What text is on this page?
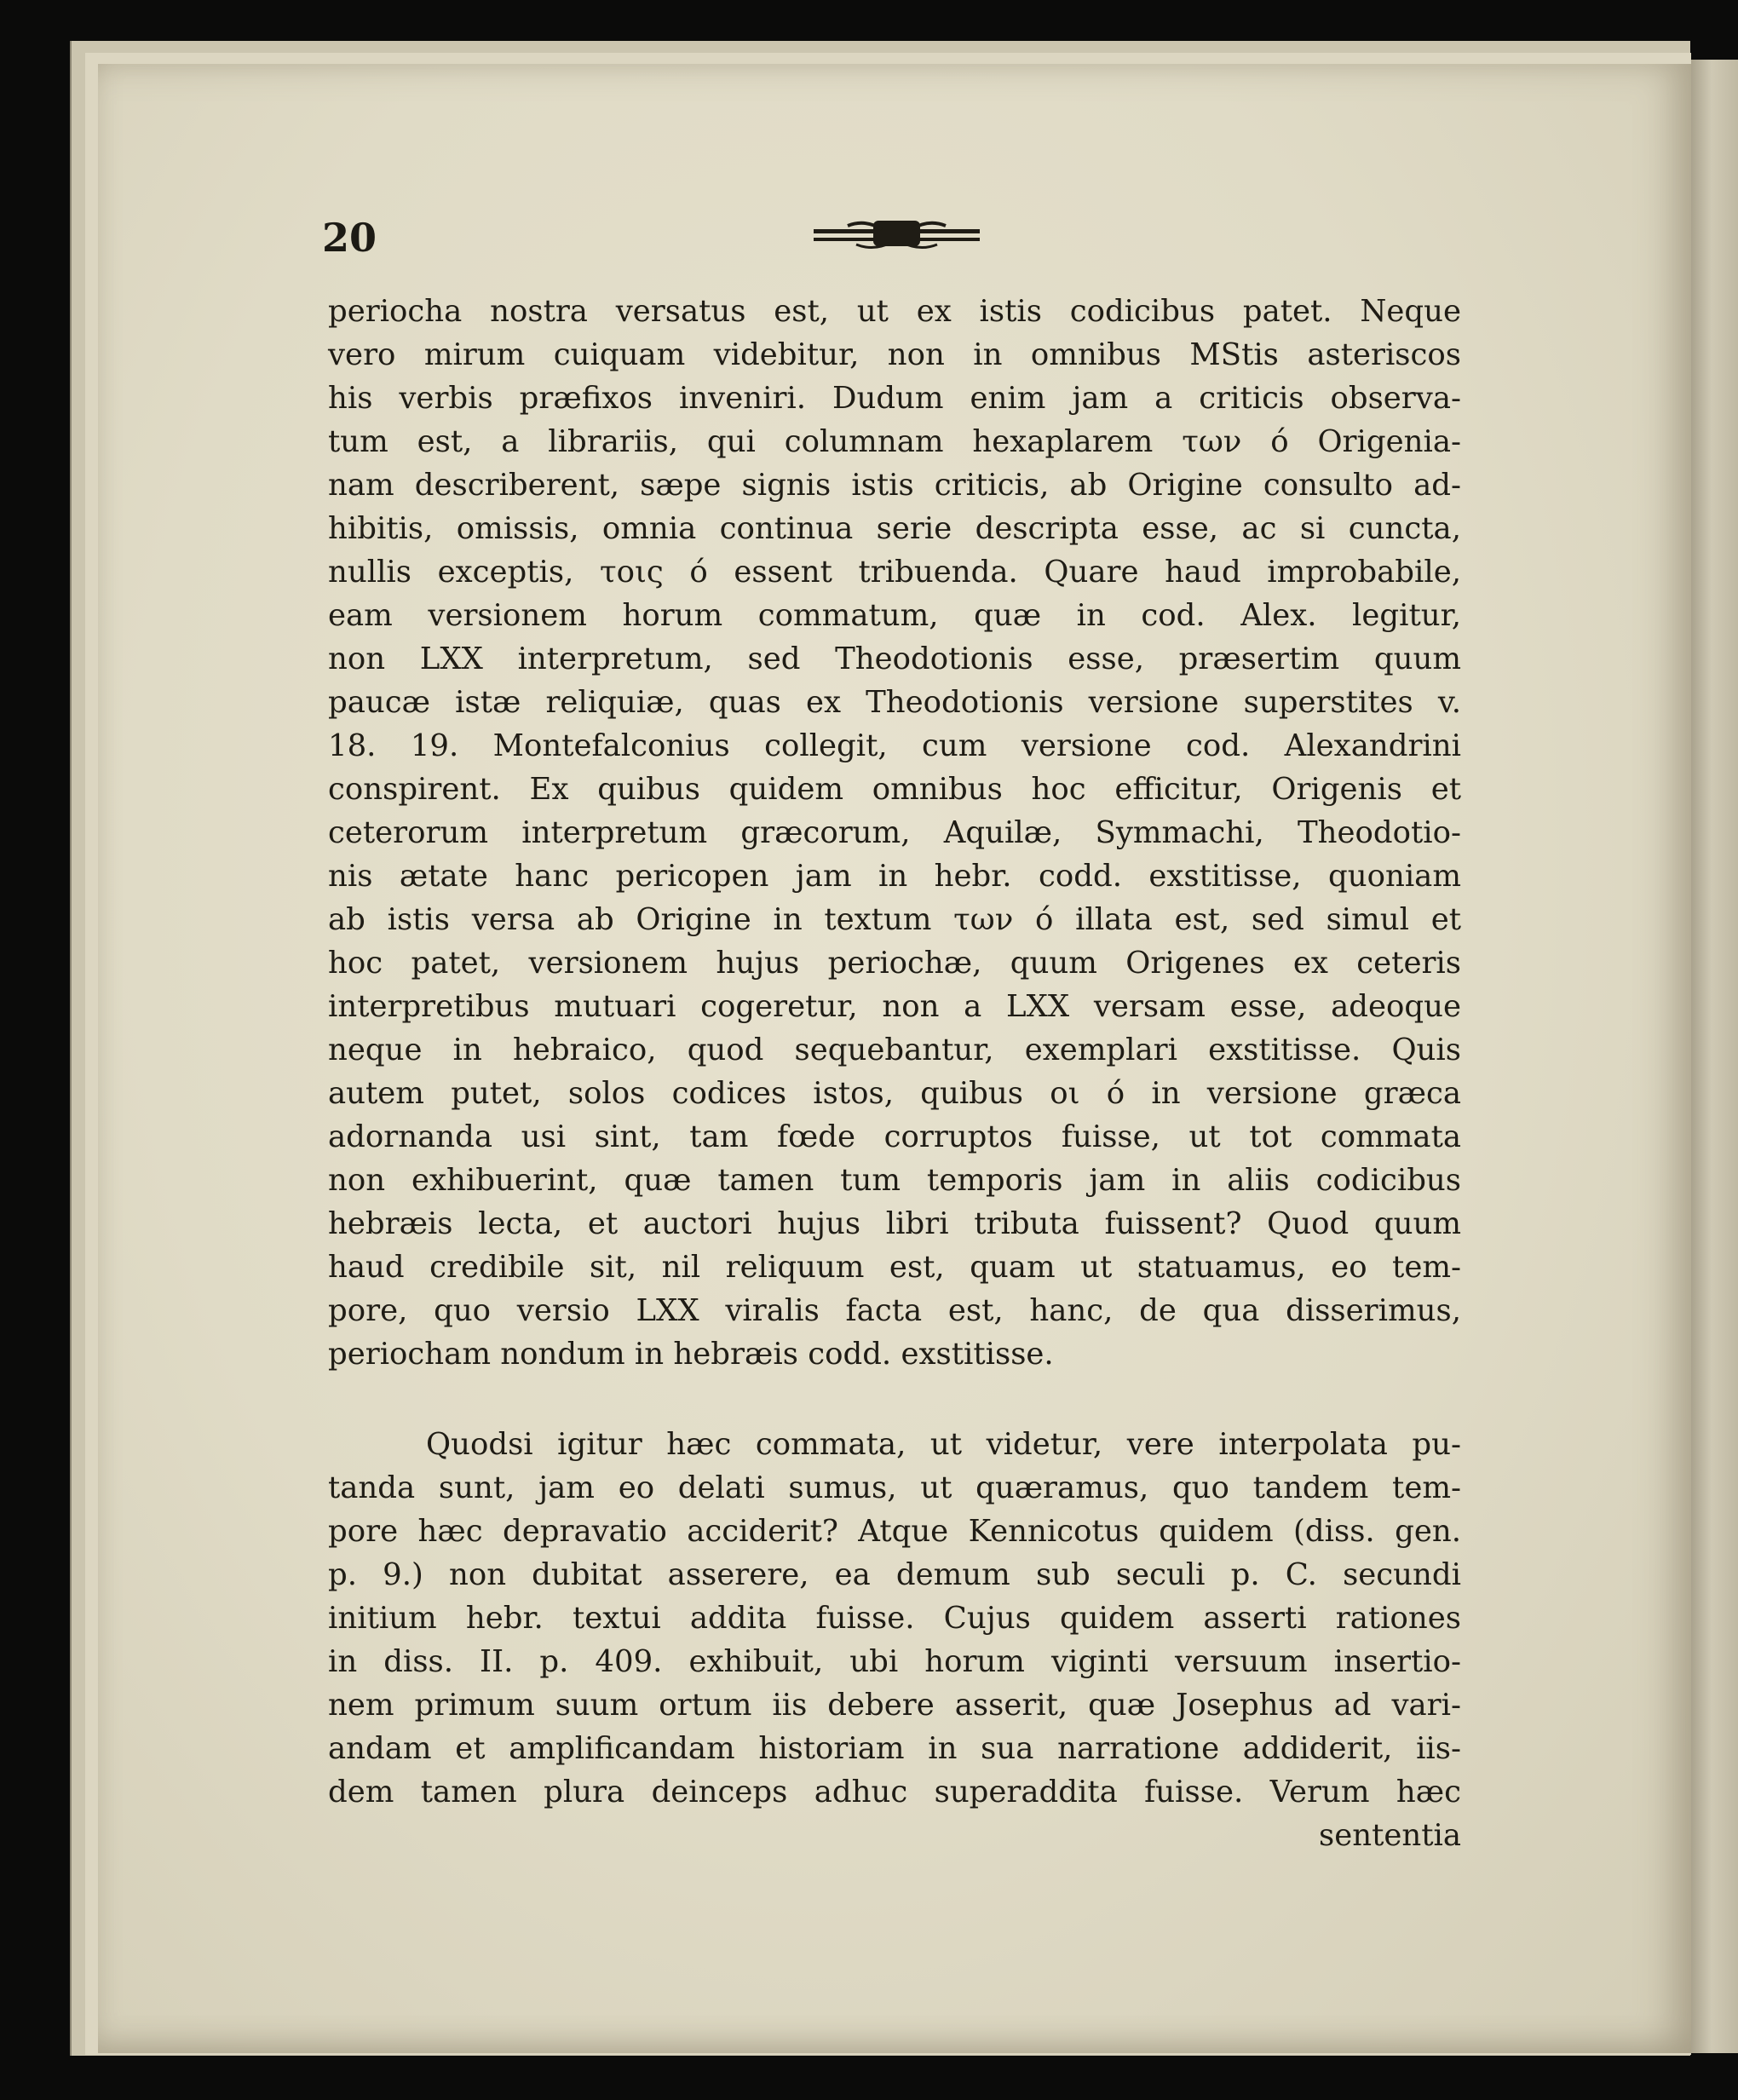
20
periocha nostra versatus est, ut ex istis codicibus patet. Neque
vero mirum cuiquam videbitur, non in omnibus MStis asteriscos
his verbis præfixos inveniri. Dudum enim jam a criticis observa-
tum est, a librariis, qui columnam hexaplarem των ό Origenia-
nam describerent, sæpe signis istis criticis, ab Origine consulto ad-
hibitis, omissis, omnia continua serie descripta esse, ac si cuncta,
nullis exceptis, τοις ό essent tribuenda. Quare haud improbabile,
eam versionem horum commatum, quæ in cod. Alex. legitur,
non LXX interpretum, sed Theodotionis esse, præsertim quum
paucæ istæ reliquiæ, quas ex Theodotionis versione superstites v.
18. 19. Montefalconius collegit, cum versione cod. Alexandrini
conspirent. Ex quibus quidem omnibus hoc efficitur, Origenis et
ceterorum interpretum græcorum, Aquilæ, Symmachi, Theodotio-
nis ætate hanc pericopen jam in hebr. codd. exstitisse, quoniam
ab istis versa ab Origine in textum των ό illata est, sed simul et
hoc patet, versionem hujus periochæ, quum Origenes ex ceteris
interpretibus mutuari cogeretur, non a LXX versam esse, adeoque
neque in hebraico, quod sequebantur, exemplari exstitisse. Quis
autem putet, solos codices istos, quibus οι ό in versione græca
adornanda usi sint, tam fœde corruptos fuisse, ut tot commata
non exhibuerint, quæ tamen tum temporis jam in aliis codicibus
hebræis lecta, et auctori hujus libri tributa fuissent? Quod quum
haud credibile sit, nil reliquum est, quam ut statuamus, eo tem-
pore, quo versio LXX viralis facta est, hanc, de qua disserimus,
periocham nondum in hebræis codd. exstitisse.
Quodsi igitur hæc commata, ut videtur, vere interpolata pu-
tanda sunt, jam eo delati sumus, ut quæramus, quo tandem tem-
pore hæc depravatio acciderit? Atque Kennicotus quidem (diss. gen.
p. 9.) non dubitat asserere, ea demum sub seculi p. C. secundi
initium hebr. textui addita fuisse. Cujus quidem asserti rationes
in diss. II. p. 409. exhibuit, ubi horum viginti versuum insertio-
nem primum suum ortum iis debere asserit, quæ Josephus ad vari-
andam et amplificandam historiam in sua narratione addiderit, iis-
dem tamen plura deinceps adhuc superaddita fuisse. Verum hæc
sententia
